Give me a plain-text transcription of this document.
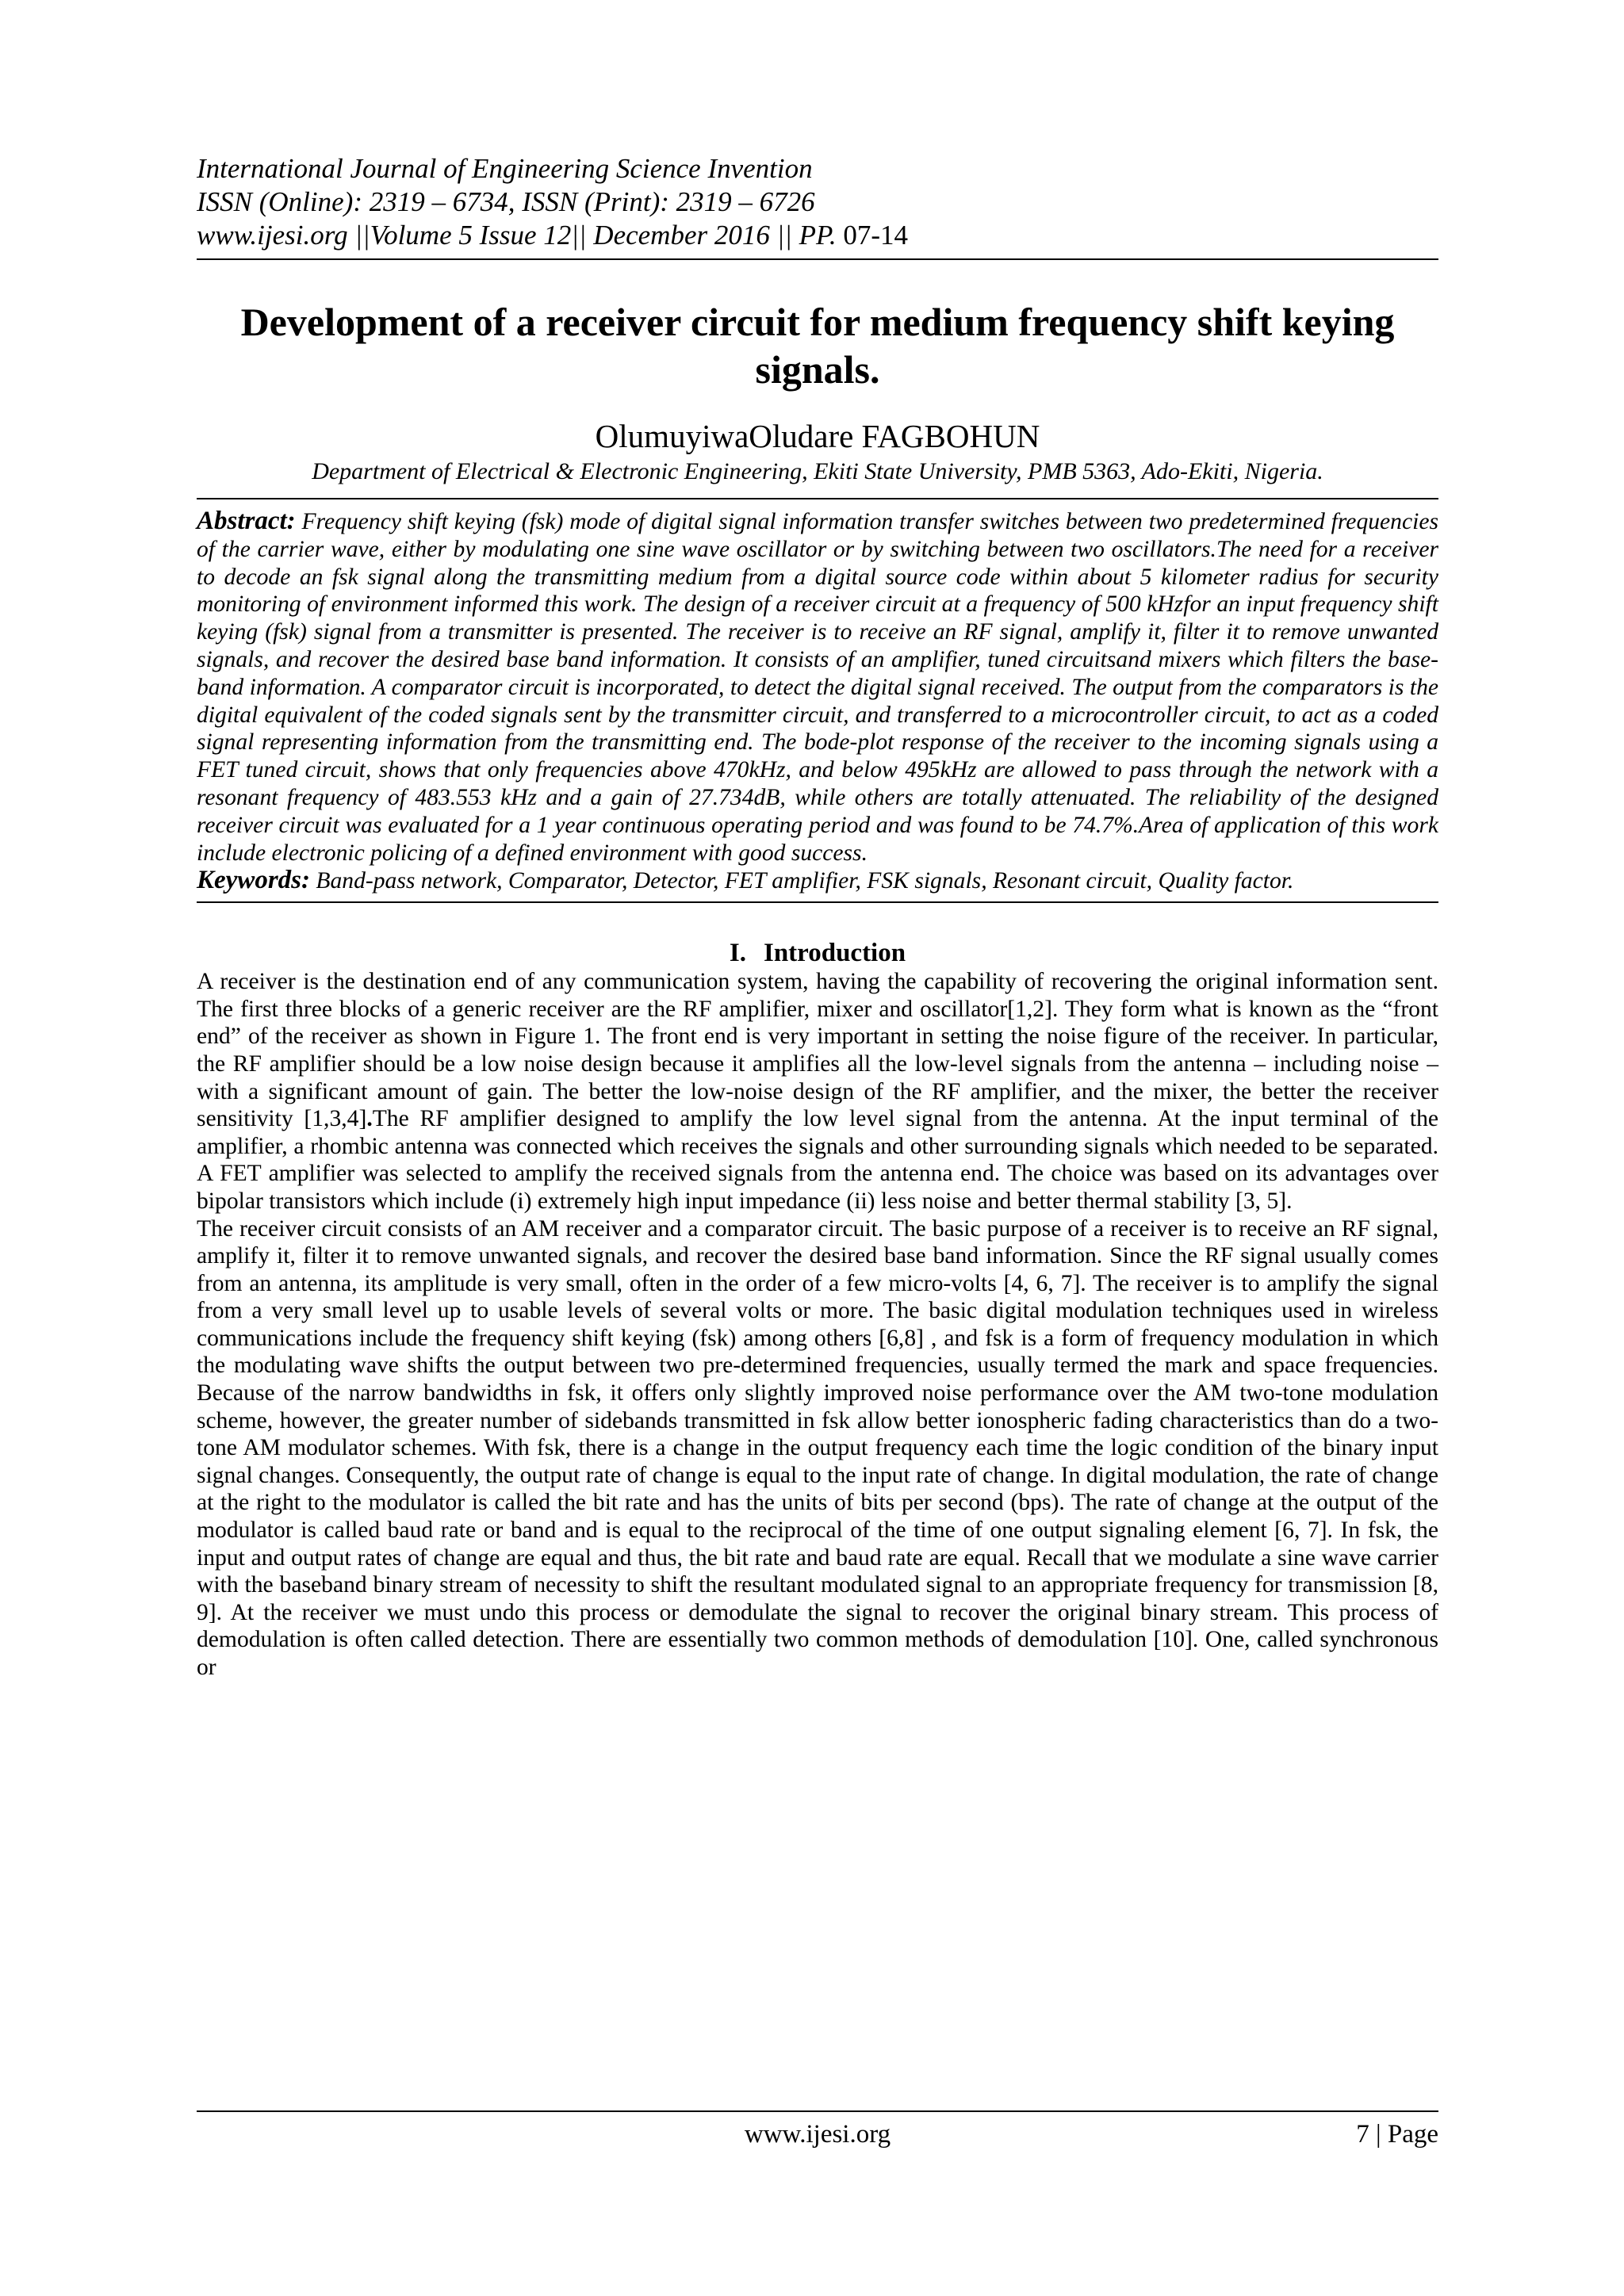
International Journal of Engineering Science Invention
ISSN (Online): 2319 – 6734, ISSN (Print): 2319 – 6726
www.ijesi.org ||Volume 5 Issue 12|| December 2016 || PP. 07-14
Development of a receiver circuit for medium frequency shift keying signals.
OlumuyiwaOludare FAGBOHUN
Department of Electrical & Electronic Engineering, Ekiti State University, PMB 5363, Ado-Ekiti, Nigeria.
Abstract: Frequency shift keying (fsk) mode of digital signal information transfer switches between two predetermined frequencies of the carrier wave, either by modulating one sine wave oscillator or by switching between two oscillators.The need for a receiver to decode an fsk signal along the transmitting medium from a digital source code within about 5 kilometer radius for security monitoring of environment informed this work. The design of a receiver circuit at a frequency of 500 kHzfor an input frequency shift keying (fsk) signal from a transmitter is presented. The receiver is to receive an RF signal, amplify it, filter it to remove unwanted signals, and recover the desired base band information. It consists of an amplifier, tuned circuitsand mixers which filters the base-band information. A comparator circuit is incorporated, to detect the digital signal received. The output from the comparators is the digital equivalent of the coded signals sent by the transmitter circuit, and transferred to a microcontroller circuit, to act as a coded signal representing information from the transmitting end. The bode-plot response of the receiver to the incoming signals using a FET tuned circuit, shows that only frequencies above 470kHz, and below 495kHz are allowed to pass through the network with a resonant frequency of 483.553 kHz and a gain of 27.734dB, while others are totally attenuated. The reliability of the designed receiver circuit was evaluated for a 1 year continuous operating period and was found to be 74.7%.Area of application of this work include electronic policing of a defined environment with good success.
Keywords: Band-pass network, Comparator, Detector, FET amplifier, FSK signals, Resonant circuit, Quality factor.
I. Introduction

A receiver is the destination end of any communication system, having the capability of recovering the original information sent. The first three blocks of a generic receiver are the RF amplifier, mixer and oscillator[1,2]. They form what is known as the “front end” of the receiver as shown in Figure 1. The front end is very important in setting the noise figure of the receiver. In particular, the RF amplifier should be a low noise design because it amplifies all the low-level signals from the antenna – including noise – with a significant amount of gain. The better the low-noise design of the RF amplifier, and the mixer, the better the receiver sensitivity [1,3,4].The RF amplifier designed to amplify the low level signal from the antenna. At the input terminal of the amplifier, a rhombic antenna was connected which receives the signals and other surrounding signals which needed to be separated. A FET amplifier was selected to amplify the received signals from the antenna end. The choice was based on its advantages over bipolar transistors which include (i) extremely high input impedance (ii) less noise and better thermal stability [3, 5].

The receiver circuit consists of an AM receiver and a comparator circuit. The basic purpose of a receiver is to receive an RF signal, amplify it, filter it to remove unwanted signals, and recover the desired base band information. Since the RF signal usually comes from an antenna, its amplitude is very small, often in the order of a few micro-volts [4, 6, 7]. The receiver is to amplify the signal from a very small level up to usable levels of several volts or more. The basic digital modulation techniques used in wireless communications include the frequency shift keying (fsk) among others [6,8] , and fsk is a form of frequency modulation in which the modulating wave shifts the output between two pre-determined frequencies, usually termed the mark and space frequencies. Because of the narrow bandwidths in fsk, it offers only slightly improved noise performance over the AM two-tone modulation scheme, however, the greater number of sidebands transmitted in fsk allow better ionospheric fading characteristics than do a two-tone AM modulator schemes. With fsk, there is a change in the output frequency each time the logic condition of the binary input signal changes. Consequently, the output rate of change is equal to the input rate of change. In digital modulation, the rate of change at the right to the modulator is called the bit rate and has the units of bits per second (bps). The rate of change at the output of the modulator is called baud rate or band and is equal to the reciprocal of the time of one output signaling element [6, 7]. In fsk, the input and output rates of change are equal and thus, the bit rate and baud rate are equal. Recall that we modulate a sine wave carrier with the baseband binary stream of necessity to shift the resultant modulated signal to an appropriate frequency for transmission [8, 9]. At the receiver we must undo this process or demodulate the signal to recover the original binary stream. This process of demodulation is often called detection. There are essentially two common methods of demodulation [10]. One, called synchronous or

www.ijesi.org	7 | Page
